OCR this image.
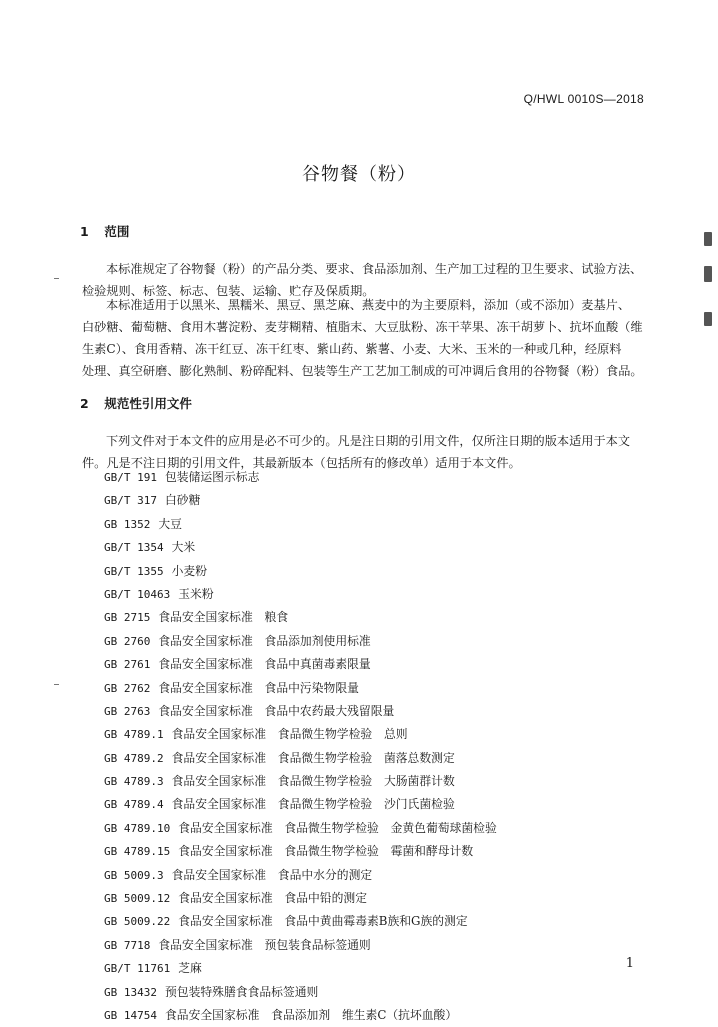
Q/HWL 0010S—2018
谷物餐（粉）
1 范围

本标准规定了谷物餐（粉）的产品分类、要求、食品添加剂、生产加工过程的卫生要求、试验方法、
检验规则、标签、标志、包装、运输、贮存及保质期。

本标准适用于以黑米、黑糯米、黑豆、黑芝麻、燕麦中的为主要原料，添加（或不添加）麦基片、
白砂糖、葡萄糖、食用木薯淀粉、麦芽糊精、植脂末、大豆肽粉、冻干苹果、冻干胡萝卜、抗坏血酸（维
生素C）、食用香精、冻干红豆、冻干红枣、紫山药、紫薯、小麦、大米、玉米的一种或几种，经原料
处理、真空研磨、膨化熟制、粉碎配料、包装等生产工艺加工制成的可冲调后食用的谷物餐（粉）食品。

2 规范性引用文件

下列文件对于本文件的应用是必不可少的。凡是注日期的引用文件，仅所注日期的版本适用于本文
件。凡是不注日期的引用文件，其最新版本（包括所有的修改单）适用于本文件。

GB/T 191 包装储运图示标志
GB/T 317 白砂糖
GB 1352 大豆
GB/T 1354 大米
GB/T 1355 小麦粉
GB/T 10463 玉米粉
GB 2715 食品安全国家标准　粮食
GB 2760 食品安全国家标准　食品添加剂使用标准
GB 2761 食品安全国家标准　食品中真菌毒素限量
GB 2762 食品安全国家标准　食品中污染物限量
GB 2763 食品安全国家标准　食品中农药最大残留限量
GB 4789.1 食品安全国家标准　食品微生物学检验　总则
GB 4789.2 食品安全国家标准　食品微生物学检验　菌落总数测定
GB 4789.3 食品安全国家标准　食品微生物学检验　大肠菌群计数
GB 4789.4 食品安全国家标准　食品微生物学检验　沙门氏菌检验
GB 4789.10 食品安全国家标准　食品微生物学检验　金黄色葡萄球菌检验
GB 4789.15 食品安全国家标准　食品微生物学检验　霉菌和酵母计数
GB 5009.3 食品安全国家标准　食品中水分的测定
GB 5009.12 食品安全国家标准　食品中铅的测定
GB 5009.22 食品安全国家标准　食品中黄曲霉毒素B族和G族的测定
GB 7718 食品安全国家标准　预包装食品标签通则
GB/T 11761 芝麻
GB 13432 预包装特殊膳食食品标签通则
GB 14754 食品安全国家标准　食品添加剂　维生素C（抗坏血酸）
1
